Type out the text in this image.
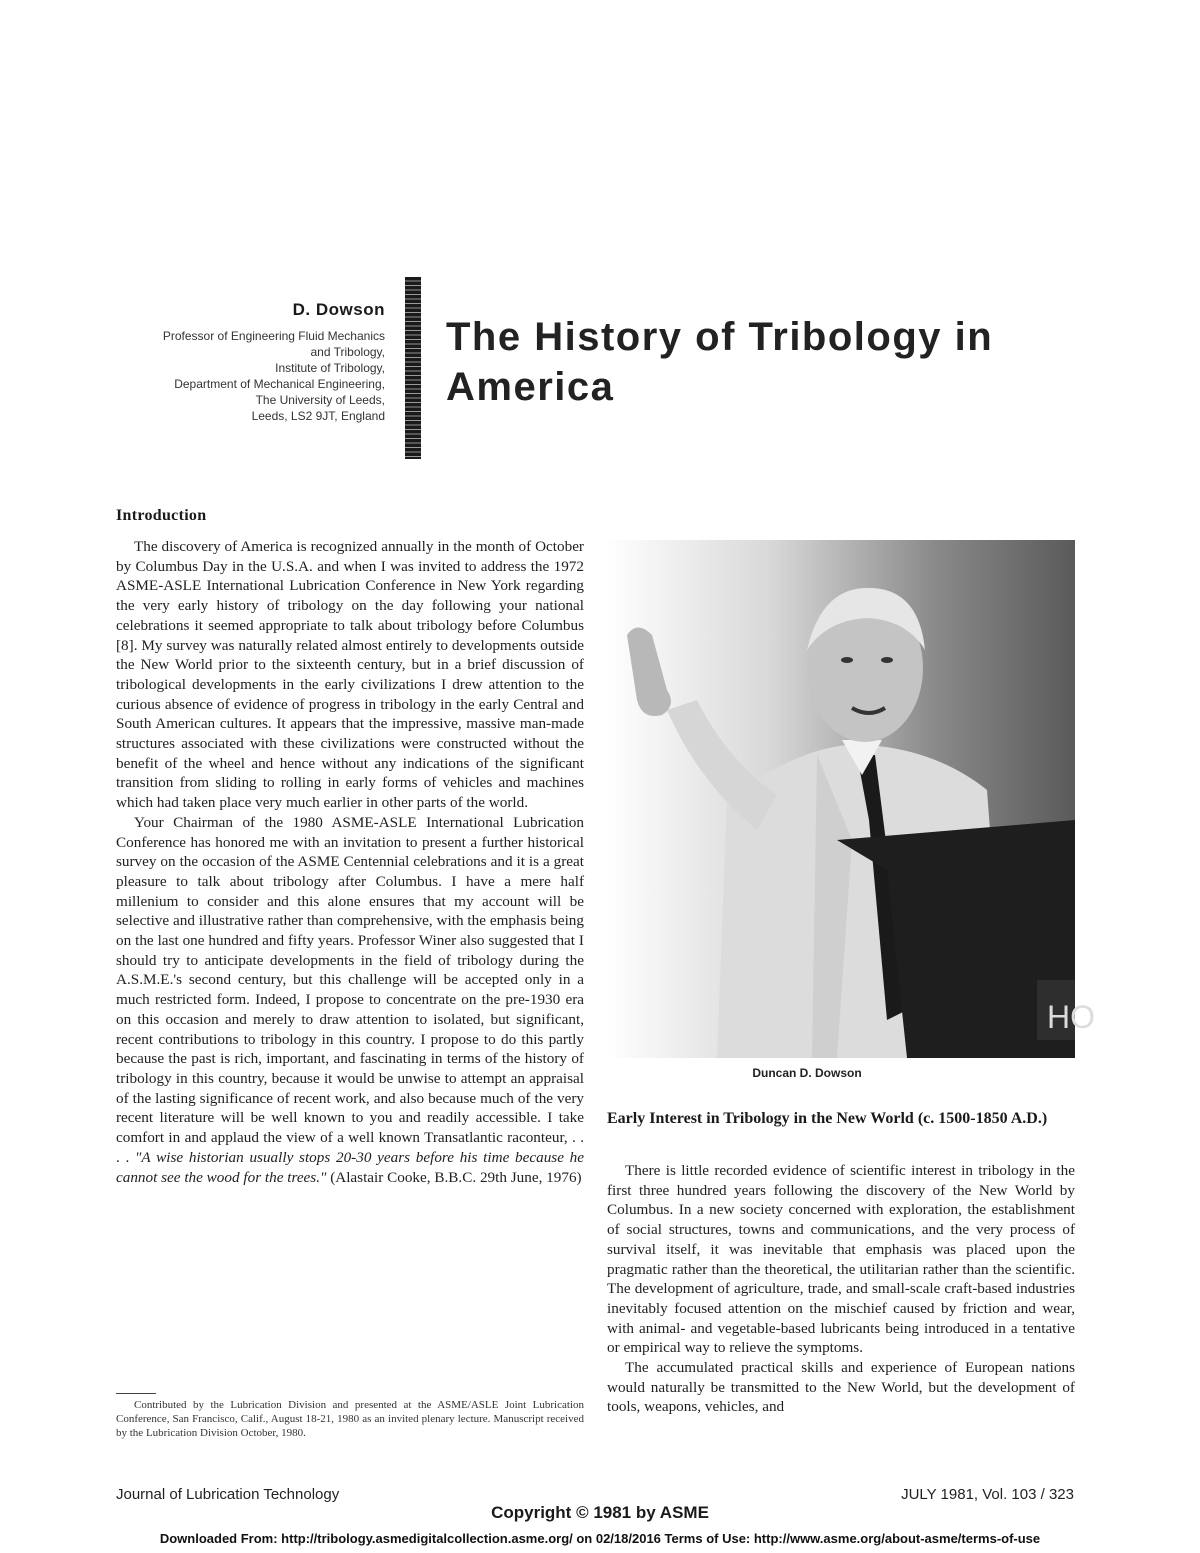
D. Dowson
Professor of Engineering Fluid Mechanics
and Tribology,
Institute of Tribology,
Department of Mechanical Engineering,
The University of Leeds,
Leeds, LS2 9JT, England
The History of Tribology in America
Introduction

The discovery of America is recognized annually in the month of October by Columbus Day in the U.S.A. and when I was invited to address the 1972 ASME-ASLE International Lubrication Conference in New York regarding the very early history of tribology on the day following your national celebrations it seemed appropriate to talk about tribology before Columbus [8]. My survey was naturally related almost entirely to developments outside the New World prior to the sixteenth century, but in a brief discussion of tribological developments in the early civilizations I drew attention to the curious absence of evidence of progress in tribology in the early Central and South American cultures. It appears that the impressive, massive man-made structures associated with these civilizations were constructed without the benefit of the wheel and hence without any indications of the significant transition from sliding to rolling in early forms of vehicles and machines which had taken place very much earlier in other parts of the world.

Your Chairman of the 1980 ASME-ASLE International Lubrication Conference has honored me with an invitation to present a further historical survey on the occasion of the ASME Centennial celebrations and it is a great pleasure to talk about tribology after Columbus. I have a mere half millenium to consider and this alone ensures that my account will be selective and illustrative rather than comprehensive, with the emphasis being on the last one hundred and fifty years. Professor Winer also suggested that I should try to anticipate developments in the field of tribology during the A.S.M.E.'s second century, but this challenge will be accepted only in a much restricted form. Indeed, I propose to concentrate on the pre-1930 era on this occasion and merely to draw attention to isolated, but significant, recent contributions to tribology in this country. I propose to do this partly because the past is rich, important, and fascinating in terms of the history of tribology in this country, because it would be unwise to attempt an appraisal of the lasting significance of recent work, and also because much of the very recent literature will be well known to you and readily accessible. I take comfort in and applaud the view of a well known Transatlantic raconteur, . . . . "A wise historian usually stops 20-30 years before his time because he cannot see the wood for the trees." (Alastair Cooke, B.B.C. 29th June, 1976)

Contributed by the Lubrication Division and presented at the ASME/ASLE Joint Lubrication Conference, San Francisco, Calif., August 18-21, 1980 as an invited plenary lecture. Manuscript received by the Lubrication Division October, 1980.
HO
Duncan D. Dowson
Early Interest in Tribology in the New World (c. 1500-1850 A.D.)

There is little recorded evidence of scientific interest in tribology in the first three hundred years following the discovery of the New World by Columbus. In a new society concerned with exploration, the establishment of social structures, towns and communications, and the very process of survival itself, it was inevitable that emphasis was placed upon the pragmatic rather than the theoretical, the utilitarian rather than the scientific. The development of agriculture, trade, and small-scale craft-based industries inevitably focused attention on the mischief caused by friction and wear, with animal- and vegetable-based lubricants being introduced in a tentative or empirical way to relieve the symptoms.

The accumulated practical skills and experience of European nations would naturally be transmitted to the New World, but the development of tools, weapons, vehicles, and

Journal of Lubrication Technology	JULY 1981, Vol. 103 / 323
Copyright © 1981 by ASME
Downloaded From: http://tribology.asmedigitalcollection.asme.org/ on 02/18/2016 Terms of Use: http://www.asme.org/about-asme/terms-of-use
